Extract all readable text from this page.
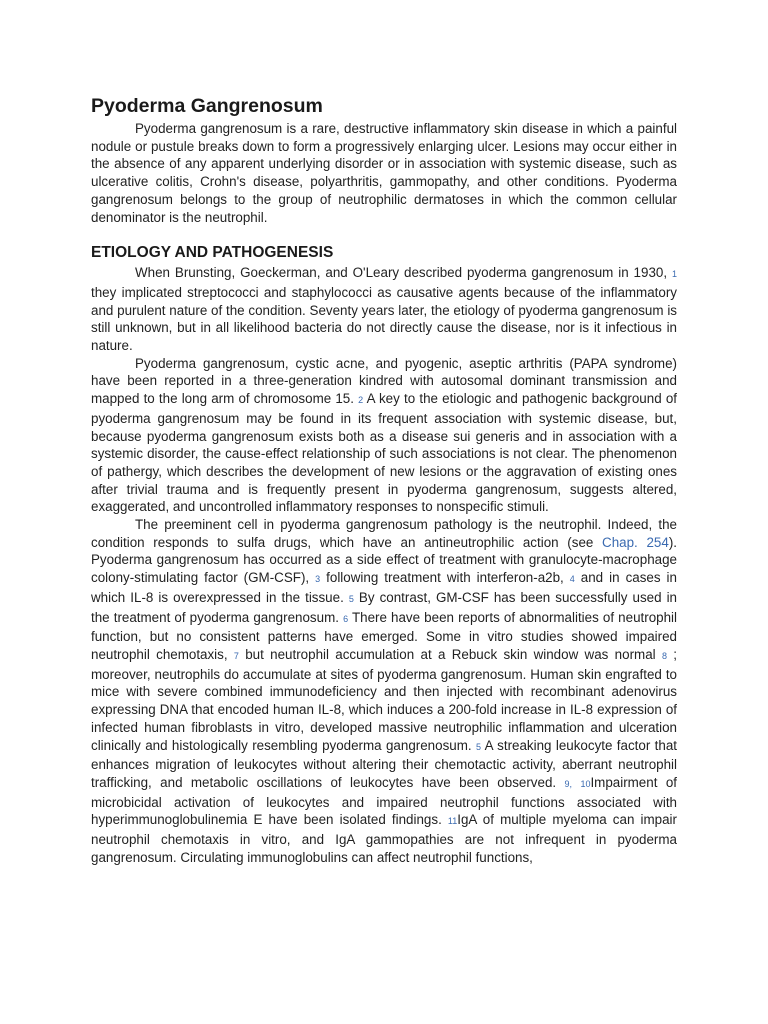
Pyoderma Gangrenosum

Pyoderma gangrenosum is a rare, destructive inflammatory skin disease in which a painful nodule or pustule breaks down to form a progressively enlarging ulcer. Lesions may occur either in the absence of any apparent underlying disorder or in association with systemic disease, such as ulcerative colitis, Crohn's disease, polyarthritis, gammopathy, and other conditions. Pyoderma gangrenosum belongs to the group of neutrophilic dermatoses in which the common cellular denominator is the neutrophil.

ETIOLOGY AND PATHOGENESIS

When Brunsting, Goeckerman, and O'Leary described pyoderma gangrenosum in 1930, 1 they implicated streptococci and staphylococci as causative agents because of the inflammatory and purulent nature of the condition. Seventy years later, the etiology of pyoderma gangrenosum is still unknown, but in all likelihood bacteria do not directly cause the disease, nor is it infectious in nature.

Pyoderma gangrenosum, cystic acne, and pyogenic, aseptic arthritis (PAPA syndrome) have been reported in a three-generation kindred with autosomal dominant transmission and mapped to the long arm of chromosome 15. 2 A key to the etiologic and pathogenic background of pyoderma gangrenosum may be found in its frequent association with systemic disease, but, because pyoderma gangrenosum exists both as a disease sui generis and in association with a systemic disorder, the cause-effect relationship of such associations is not clear. The phenomenon of pathergy, which describes the development of new lesions or the aggravation of existing ones after trivial trauma and is frequently present in pyoderma gangrenosum, suggests altered, exaggerated, and uncontrolled inflammatory responses to nonspecific stimuli.

The preeminent cell in pyoderma gangrenosum pathology is the neutrophil. Indeed, the condition responds to sulfa drugs, which have an antineutrophilic action (see Chap. 254). Pyoderma gangrenosum has occurred as a side effect of treatment with granulocyte-macrophage colony-stimulating factor (GM-CSF), 3 following treatment with interferon-a2b, 4 and in cases in which IL-8 is overexpressed in the tissue. 5 By contrast, GM-CSF has been successfully used in the treatment of pyoderma gangrenosum. 6 There have been reports of abnormalities of neutrophil function, but no consistent patterns have emerged. Some in vitro studies showed impaired neutrophil chemotaxis, 7 but neutrophil accumulation at a Rebuck skin window was normal 8 ; moreover, neutrophils do accumulate at sites of pyoderma gangrenosum. Human skin engrafted to mice with severe combined immunodeficiency and then injected with recombinant adenovirus expressing DNA that encoded human IL-8, which induces a 200-fold increase in IL-8 expression of infected human fibroblasts in vitro, developed massive neutrophilic inflammation and ulceration clinically and histologically resembling pyoderma gangrenosum. 5 A streaking leukocyte factor that enhances migration of leukocytes without altering their chemotactic activity, aberrant neutrophil trafficking, and metabolic oscillations of leukocytes have been observed. 9, 10Impairment of microbicidal activation of leukocytes and impaired neutrophil functions associated with hyperimmunoglobulinemia E have been isolated findings. 11IgA of multiple myeloma can impair neutrophil chemotaxis in vitro, and IgA gammopathies are not infrequent in pyoderma gangrenosum. Circulating immunoglobulins can affect neutrophil functions,
